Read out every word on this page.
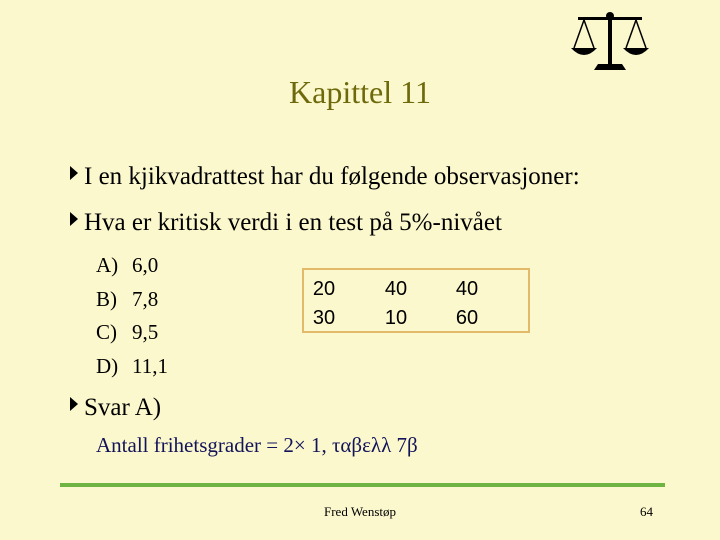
Kapittel 11
I en kjikvadrattest har du følgende observasjoner:
Hva er kritisk verdi i en test på 5%-nivået
A) 6,0
B) 7,8
C) 9,5
D) 11,1
20	40	40
30	10	60
Svar A)
Antall frihetsgrader = 2× 1, ταβελλ 7β
Fred Wenstøp	64
